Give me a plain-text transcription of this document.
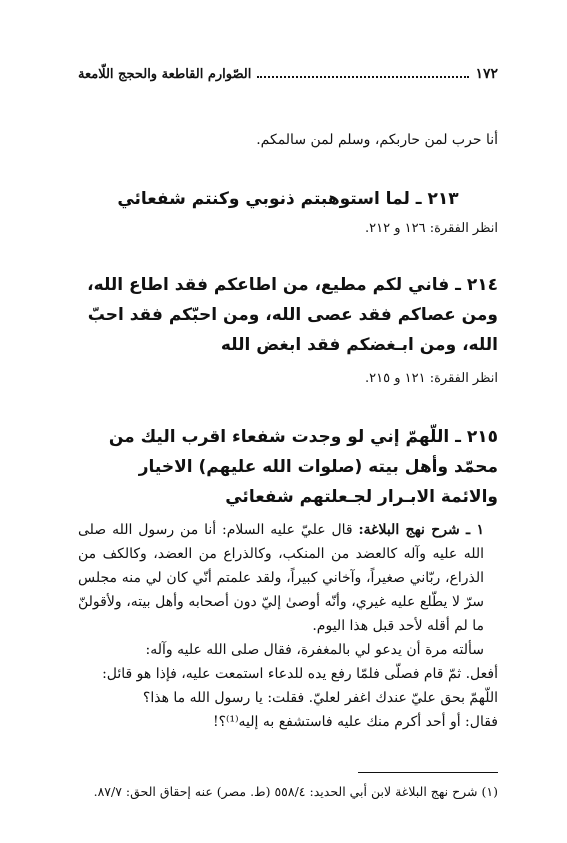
١٧٢
الصّوارم القاطعة والحجج اللّامعة

أنا حرب لمن حاربكم، وسلم لمن سالمكم.

٢١٣ ـ لما استوهبتم ذنوبي وكنتم شفعائي

انظر الفقرة: ١٢٦ و ٢١٢.

٢١٤ ـ فاني لكم مطيع، من اطاعكم فقد اطاع الله، ومن عصاكم فقد عصى الله، ومن احبّكم فقد احبّ الله، ومن ابـغضكم فقد ابغض الله

انظر الفقرة: ١٢١ و ٢١٥.

٢١٥ ـ اللّهمّ إني لو وجدت شفعاء اقرب اليك من محمّد وأهل بيته (صلوات الله عليهم) الاخيار والائمة الابـرار لجـعلتهم شفعائي

١ ـ شرح نهج البلاغة: قال عليّ عليه السلام: أنا من رسول الله صلى الله عليه وآله كالعضد من المنكب، وكالذراع من العضد، وكالكف من الذراع، ربّاني صغيراً، وآخاني كبيراً، ولقد علمتم أنّي كان لي منه مجلس سرّ لا يطّلع عليه غيري، وأنّه أوصىٰ إليّ دون أصحابه وأهل بيته، ولأقولنّ ما لم أقله لأحد قبل هذا اليوم.

سألته مرة أن يدعو لي بالمغفرة، فقال صلى الله عليه وآله:

أفعل. ثمّ قام فصلّى فلمّا رفع يده للدعاء استمعت عليه، فإذا هو قائل:

اللّهمّ بحق عليّ عندك اغفر لعليّ. فقلت: يا رسول الله ما هذا؟

فقال: أو أحد أكرم منك عليه فاستشفع به إليه⁽¹⁾؟!

(١) شرح نهج البلاغة لابن أبي الحديد: ٥٥٨/٤ (ط. مصر) عنه إحقاق الحق: ٨٧/٧.
